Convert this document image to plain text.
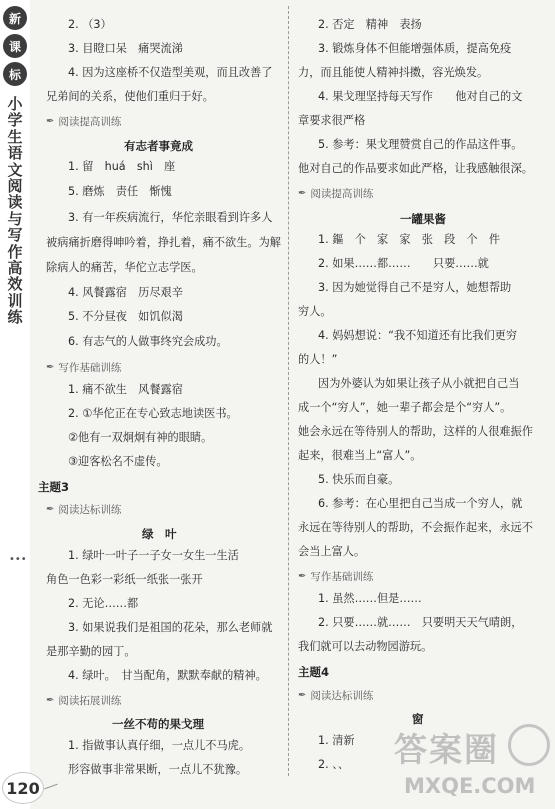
新
课
标
小学生语文阅读与写作高效训练
•••
2. （3）
3. 目瞪口呆　痛哭流涕
4. 因为这座桥不仅造型美观，而且改善了
兄弟间的关系，使他们重归于好。
✒ 阅读提高训练
有志者事竟成
1. 留　huá　shì　座
5. 磨炼　责任　惭愧
3. 有一年疾病流行，华佗亲眼看到许多人
被病痛折磨得呻吟着，挣扎着，痛不欲生。为解
除病人的痛苦，华佗立志学医。
4. 风餐露宿　历尽艰辛
5. 不分昼夜　如饥似渴
6. 有志气的人做事终究会成功。
✒ 写作基础训练
1. 痛不欲生　风餐露宿
2. ①华佗正在专心致志地读医书。
②他有一双炯炯有神的眼睛。
③迎客松名不虚传。
主题3
✒ 阅读达标训练
绿　叶
1. 绿叶一叶子一子女一女生一生活
角色一色彩一彩纸一纸张一张开
2. 无论……都
3. 如果说我们是祖国的花朵，那么老师就
是那辛勤的园丁。
4. 绿叶。　甘当配角，默默奉献的精神。
✒ 阅读拓展训练
一丝不苟的果戈理
1. 指做事认真仔细，一点儿不马虎。
形容做事非常果断，一点儿不犹豫。
2. 否定　精神　表扬
3. 锻炼身体不但能增强体质，提高免疫
力，而且能使人精神抖擞，容光焕发。
4. 果戈理坚持每天写作　　他对自己的文
章要求很严格
5. 参考：果戈理赞赏自己的作品这件事。
他对自己的作品要求如此严格，让我感触很深。
✒ 阅读提高训练
一罐果酱
1. 鏂　个　家　家　张　段　个　件
2. 如果……都……　　只要……就
3. 因为她觉得自己不是穷人，她想帮助
穷人。
4. 妈妈想说：“我不知道还有比我们更穷
的人！”
因为外婆认为如果让孩子从小就把自己当
成一个“穷人”，她一辈子都会是个“穷人”。
她会永远在等待别人的帮助，这样的人很难振作
起来，很难当上“富人”。
5. 快乐而自豪。
6. 参考：在心里把自己当成一个穷人，就
永远在等待别人的帮助，不会振作起来，永远不
会当上富人。
✒ 写作基础训练
1. 虽然……但是……
2. 只要……就……　只要明天天气晴朗，
我们就可以去动物园游玩。
主题4
✒ 阅读达标训练
窗
1. 清新
2. 、、
120
答案圈
MXQE.COM
